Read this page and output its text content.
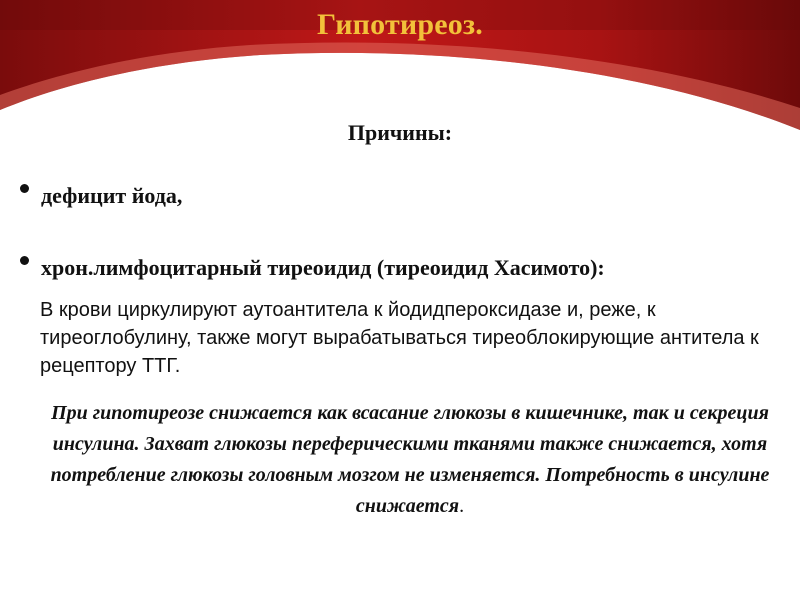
Гипотиреоз.
Причины:
дефицит йода,
хрон.лимфоцитарный тиреоидид (тиреоидид Хасимото):

В крови циркулируют аутоантитела к йодидпероксидазе и, реже, к тиреоглобулину, также могут вырабатываться тиреоблокирующие антитела к рецептору ТТГ.

При гипотиреозе снижается как всасание глюкозы в кишечнике, так и секреция инсулина. Захват глюкозы переферическими тканями также снижается, хотя потребление глюкозы головным мозгом не изменяется. Потребность в инсулине снижается.
